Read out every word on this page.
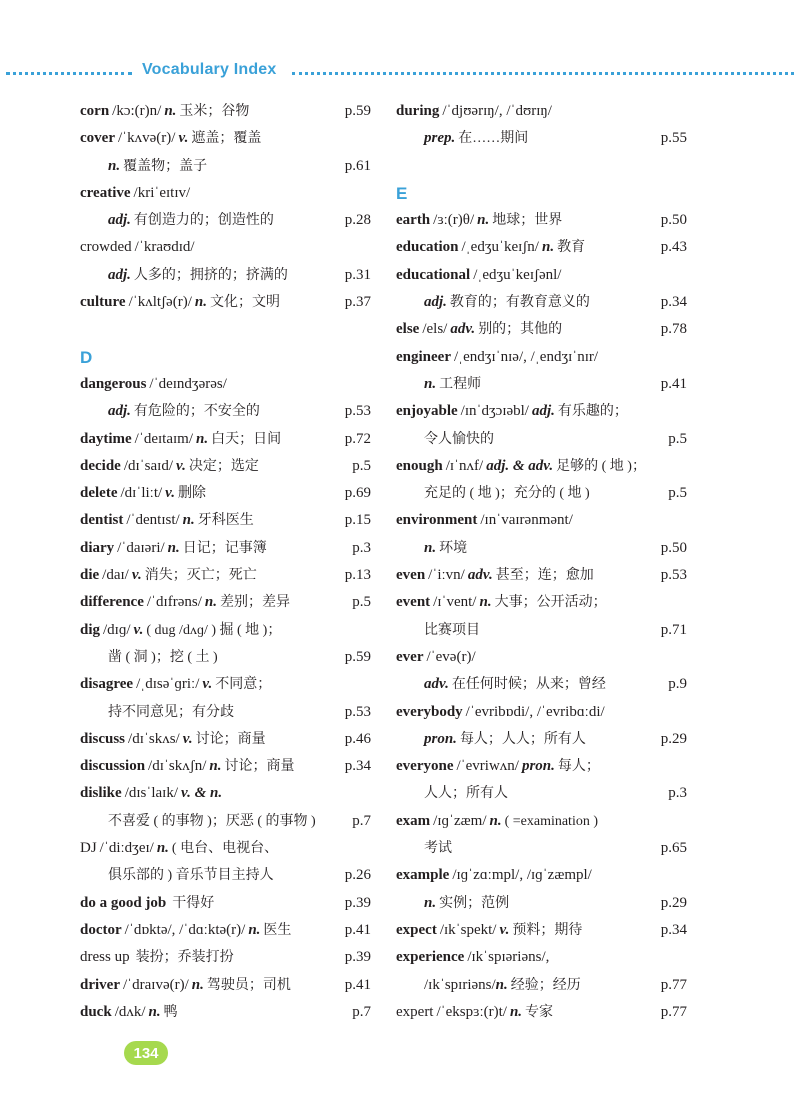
Vocabulary Index
corn /kɔ:(r)n/ n. 玉米；谷物	p.59
cover /ˈkʌvə(r)/ v. 遮盖；覆盖
n. 覆盖物；盖子	p.61
creative /kriˈeɪtɪv/
adj. 有创造力的；创造性的	p.28
crowded /ˈkraʊdɪd/
adj. 人多的；拥挤的；挤满的	p.31
culture /ˈkʌltʃə(r)/ n. 文化；文明	p.37
D
dangerous /ˈdeɪndʒərəs/
adj. 有危险的；不安全的	p.53
daytime /ˈdeɪtaɪm/ n. 白天；日间	p.72
decide /dɪˈsaɪd/ v. 决定；选定	p.5
delete /dɪˈliːt/ v. 删除	p.69
dentist /ˈdentɪst/ n. 牙科医生	p.15
diary /ˈdaɪəri/ n. 日记；记事簿	p.3
die /daɪ/ v. 消失；灭亡；死亡	p.13
difference /ˈdɪfrəns/ n. 差别；差异	p.5
dig /dɪɡ/ v. ( dug /dʌɡ/ ) 掘 ( 地 )；
凿 ( 洞 )；挖 ( 土 )	p.59
disagree /ˌdɪsəˈɡriː/ v. 不同意；
持不同意见；有分歧	p.53
discuss /dɪˈskʌs/ v. 讨论；商量	p.46
discussion /dɪˈskʌʃn/ n. 讨论；商量	p.34
dislike /dɪsˈlaɪk/ v. & n.
不喜爱 ( 的事物 )；厌恶 ( 的事物 ) p.7
DJ /ˈdiːdʒeɪ/ n. ( 电台、电视台、
俱乐部的 ) 音乐节目主持人	p.26
do a good job 干得好	p.39
doctor /ˈdɒktə/, /ˈdɑːktə(r)/ n. 医生	p.41
dress up 装扮；乔装打扮	p.39
driver /ˈdraɪvə(r)/ n. 驾驶员；司机	p.41
duck /dʌk/ n. 鸭	p.7
during /ˈdjʊərɪŋ/, /ˈdʊrɪŋ/
prep. 在……期间	p.55
E
earth /ɜː(r)θ/ n. 地球；世界	p.50
education /ˌedʒuˈkeɪʃn/ n. 教育	p.43
educational /ˌedʒuˈkeɪʃənl/
adj. 教育的；有教育意义的	p.34
else /els/ adv. 别的；其他的	p.78
engineer /ˌendʒɪˈnɪə/, /ˌendʒɪˈnɪr/
n. 工程师	p.41
enjoyable /ɪnˈdʒɔɪəbl/ adj. 有乐趣的；
令人愉快的	p.5
enough /ɪˈnʌf/ adj. & adv. 足够的 ( 地 )；
充足的 ( 地 )；充分的 ( 地 )	p.5
environment /ɪnˈvaɪrənmənt/
n. 环境	p.50
even /ˈiːvn/ adv. 甚至；连；愈加	p.53
event /ɪˈvent/ n. 大事；公开活动；
比赛项目	p.71
ever /ˈevə(r)/
adv. 在任何时候；从来；曾经	p.9
everybody /ˈevribɒdi/, /ˈevribɑːdi/
pron. 每人；人人；所有人	p.29
everyone /ˈevriwʌn/ pron. 每人；
人人；所有人	p.3
exam /ɪɡˈzæm/ n. ( =examination )
考试	p.65
example /ɪɡˈzɑːmpl/, /ɪɡˈzæmpl/
n. 实例；范例	p.29
expect /ɪkˈspekt/ v. 预料；期待	p.34
experience /ɪkˈspɪəriəns/,
/ɪkˈspɪriəns/n. 经验；经历	p.77
expert /ˈekspɜː(r)t/ n. 专家	p.77
134
